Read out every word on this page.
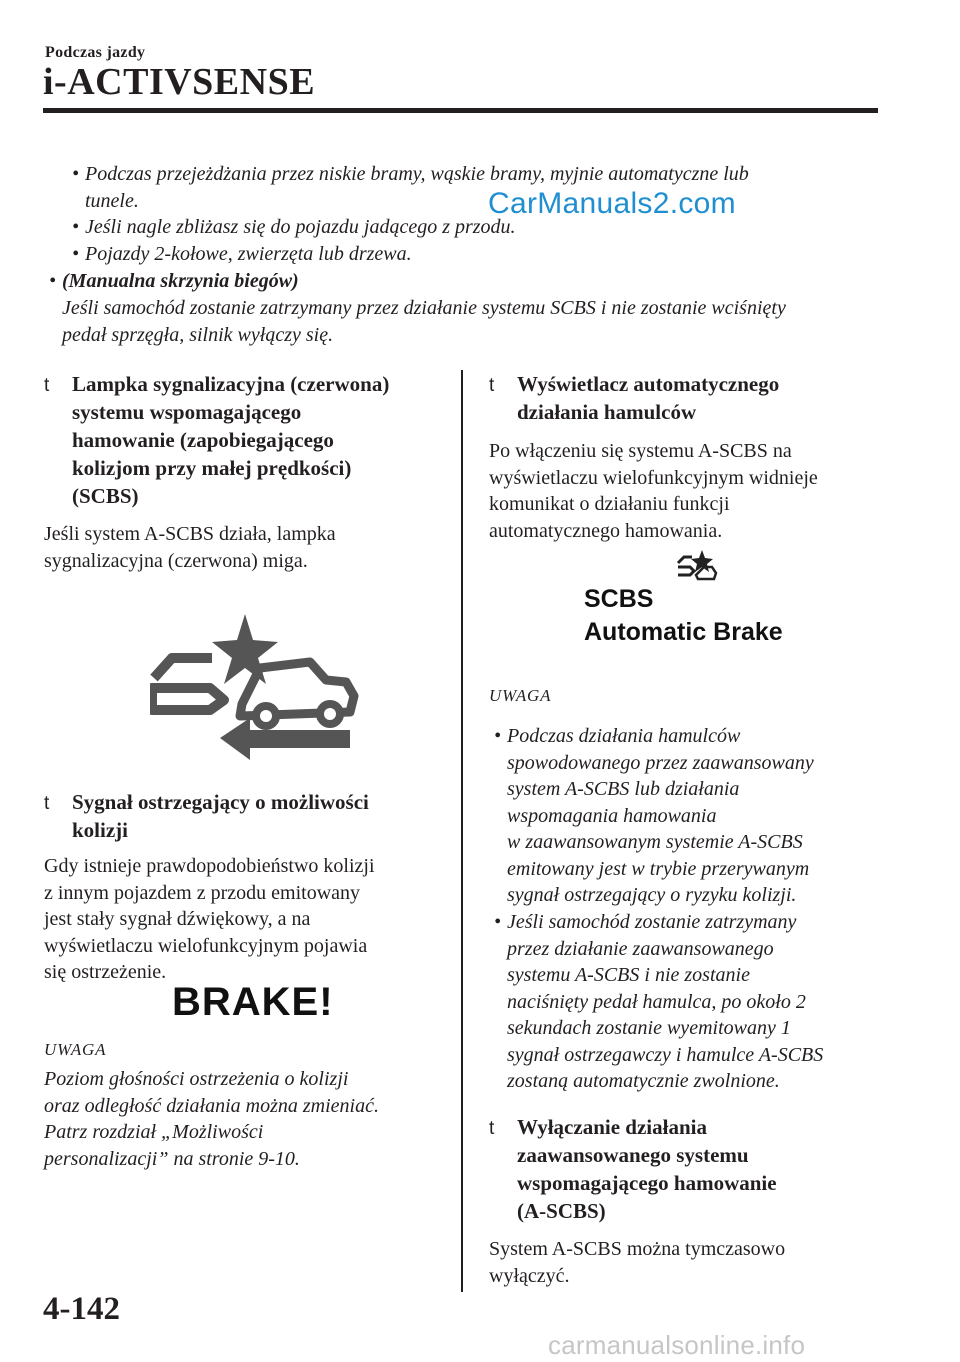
Podczas jazdy
i-ACTIVSENSE
• Podczas przejeżdżania przez niskie bramy, wąskie bramy, myjnie automatyczne lub
tunele.
• Jeśli nagle zbliżasz się do pojazdu jadącego z przodu.
• Pojazdy 2-kołowe, zwierzęta lub drzewa.
• (Manualna skrzynia biegów)
Jeśli samochód zostanie zatrzymany przez działanie systemu SCBS i nie zostanie wciśnięty
pedał sprzęgła, silnik wyłączy się.
CarManuals2.com
t Lampka sygnalizacyjna (czerwona)
systemu wspomagającego
hamowanie (zapobiegającego
kolizjom przy małej prędkości)
(SCBS)
Jeśli system A-SCBS działa, lampka
sygnalizacyjna (czerwona) miga.
t Sygnał ostrzegający o możliwości
kolizji
Gdy istnieje prawdopodobieństwo kolizji
z innym pojazdem z przodu emitowany
jest stały sygnał dźwiękowy, a na
wyświetlaczu wielofunkcyjnym pojawia
się ostrzeżenie.
BRAKE!
UWAGA
Poziom głośności ostrzeżenia o kolizji
oraz odległość działania można zmieniać.
Patrz rozdział „Możliwości
personalizacji” na stronie 9-10.
t Wyświetlacz automatycznego
działania hamulców
Po włączeniu się systemu A-SCBS na
wyświetlaczu wielofunkcyjnym widnieje
komunikat o działaniu funkcji
automatycznego hamowania.
SCBS
Automatic Brake
UWAGA
• Podczas działania hamulców
spowodowanego przez zaawansowany
system A-SCBS lub działania
wspomagania hamowania
w zaawansowanym systemie A-SCBS
emitowany jest w trybie przerywanym
sygnał ostrzegający o ryzyku kolizji.
• Jeśli samochód zostanie zatrzymany
przez działanie zaawansowanego
systemu A-SCBS i nie zostanie
naciśnięty pedał hamulca, po około 2
sekundach zostanie wyemitowany 1
sygnał ostrzegawczy i hamulce A-SCBS
zostaną automatycznie zwolnione.
t Wyłączanie działania
zaawansowanego systemu
wspomagającego hamowanie
(A-SCBS)
System A-SCBS można tymczasowo
wyłączyć.
4-142
carmanualsonline.info
